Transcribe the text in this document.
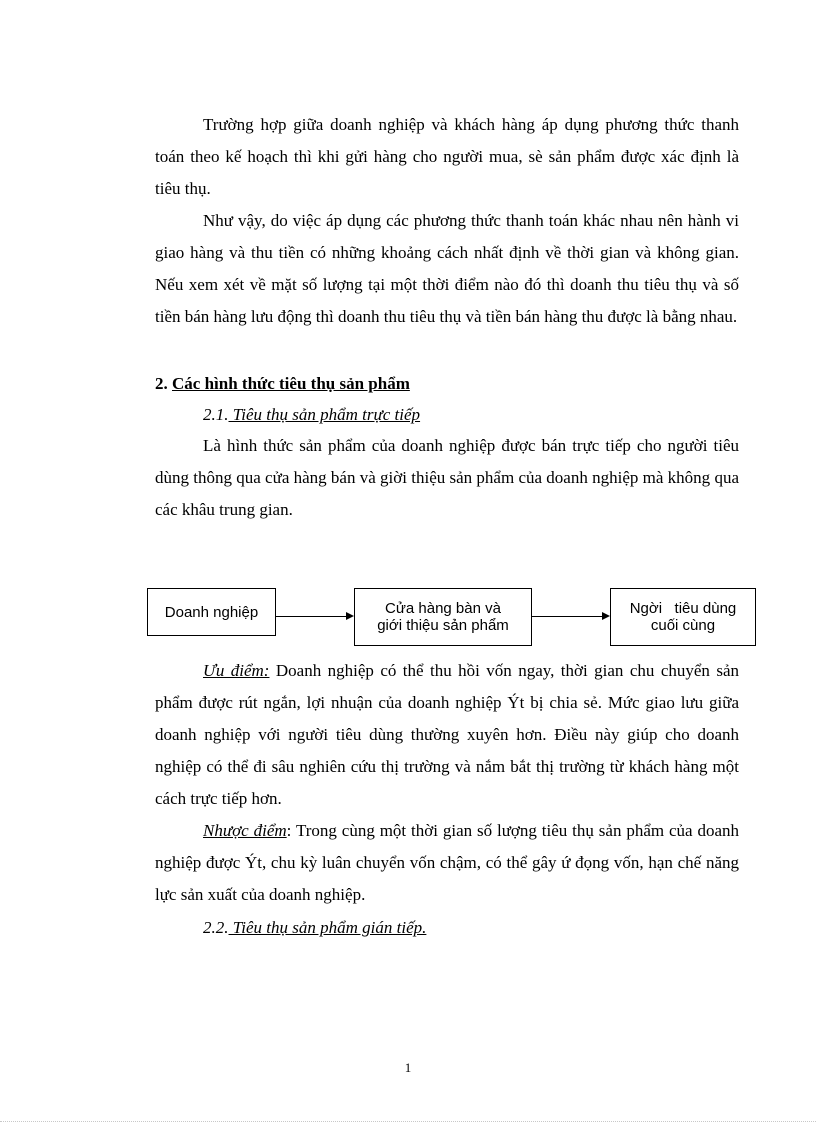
Trường hợp giữa doanh nghiệp và khách hàng áp dụng phương thức thanh toán theo kế hoạch thì khi gửi hàng cho người mua, sè sản phẩm được xác định là tiêu thụ.

Như vậy, do việc áp dụng các phương thức thanh toán khác nhau nên hành vi giao hàng và thu tiền có những khoảng cách nhất định về thời gian và không gian. Nếu xem xét về mặt số lượng tại một thời điểm nào đó thì doanh thu tiêu thụ và số tiền bán hàng lưu động thì doanh thu tiêu thụ và tiền bán hàng thu được là bằng nhau.

2. Các hình thức tiêu thụ sản phẩm

2.1. Tiêu thụ sản phẩm trực tiếp

Là hình thức sản phẩm của doanh nghiệp được bán trực tiếp cho người tiêu dùng thông qua cửa hàng bán và giời thiệu sản phẩm của doanh nghiệp mà không qua các khâu trung gian.

Doanh nghiệp	Cửa hàng bàn và
giới thiệu sản phẩm
Ngời   tiêu dùng
cuối cùng

Ưu điểm: Doanh nghiệp có thể thu hồi vốn ngay, thời gian chu chuyển sản phẩm được rút ngắn, lợi nhuận của doanh nghiệp Ýt bị chia sẻ. Mức giao lưu giữa doanh nghiệp với người tiêu dùng thường xuyên hơn. Điều này giúp cho doanh nghiệp có thể đi sâu nghiên cứu thị trường và nắm bắt thị trường từ khách hàng một cách trực tiếp hơn.

Nhược điểm: Trong cùng một thời gian số lượng tiêu thụ sản phẩm của doanh nghiệp được Ýt, chu kỳ luân chuyển vốn chậm, có thể gây ứ đọng vốn, hạn chế năng lực sản xuất của doanh nghiệp.

2.2. Tiêu thụ sản phẩm gián tiếp.

1
